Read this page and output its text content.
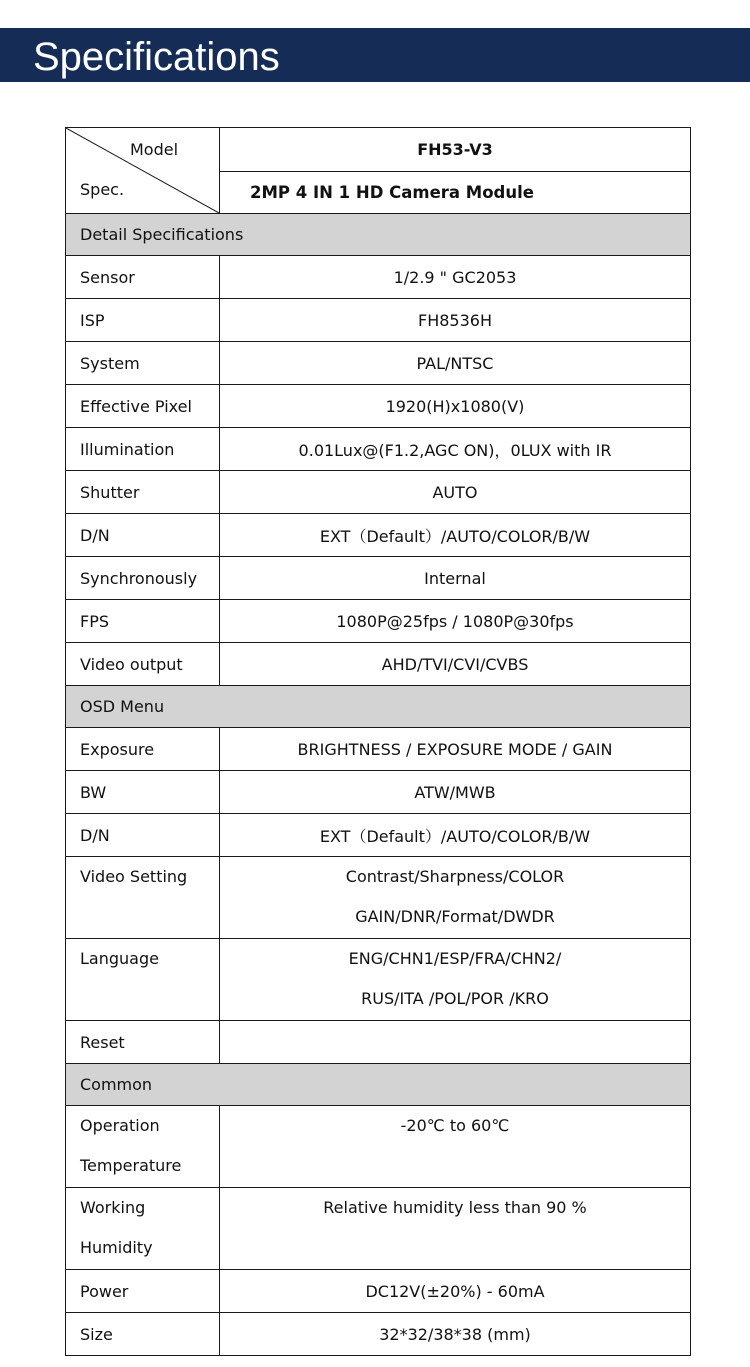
Specifications
Model
Spec.	FH53-V3
	2MP 4 IN 1 HD Camera Module
Detail Specifications	

Sensor	1/2.9 " GC2053

ISP	FH8536H

System	PAL/NTSC

Effective Pixel	1920(H)x1080(V)

Illumination	0.01Lux@(F1.2,AGC ON)，0LUX with IR

Shutter	AUTO

D/N	EXT（Default）/AUTO/COLOR/B/W

Synchronously	Internal

FPS	1080P@25fps / 1080P@30fps

Video output	AHD/TVI/CVI/CVBS

OSD Menu	

Exposure	BRIGHTNESS / EXPOSURE MODE / GAIN

BW	ATW/MWB

D/N	EXT（Default）/AUTO/COLOR/B/W

Video Setting	Contrast/Sharpness/COLOR
GAIN/DNR/Format/DWDR

Language	ENG/CHN1/ESP/FRA/CHN2/
RUS/ITA /POL/POR /KRO

Reset	

Common	

Operation
Temperature	-20℃ to 60℃

Working
Humidity	Relative humidity less than 90 %

Power	DC12V(±20%) - 60mA

Size	32*32/38*38 (mm)
